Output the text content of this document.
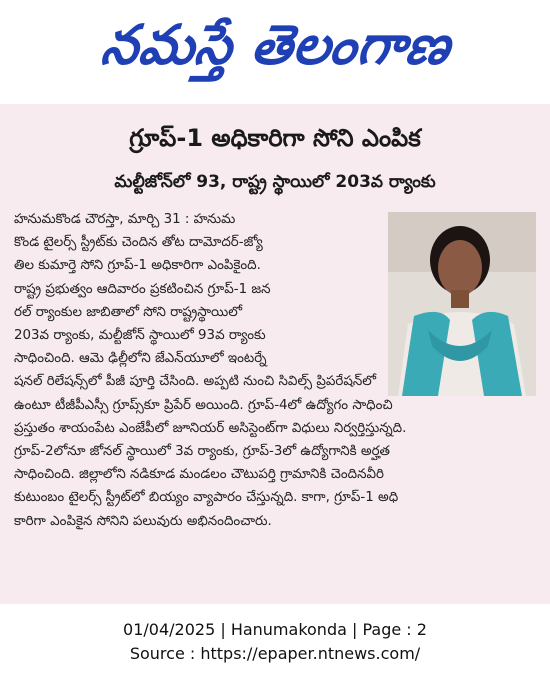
నమస్తే తెలంగాణ
గ్రూప్-1 అధికారిగా సోని ఎంపిక
మల్టీజోన్‌లో 93, రాష్ట్ర స్థాయిలో 203వ ర్యాంకు
హనుమకొండ చౌరస్తా, మార్చి 31 : హనుమ
కొండ టైలర్స్ స్ట్రీట్‌కు చెందిన తోట దామోదర్-జ్యో
తిల కుమార్తె సోని గ్రూప్-1 అధికారిగా ఎంపికైంది.
రాష్ట్ర ప్రభుత్వం ఆదివారం ప్రకటించిన గ్రూప్-1 జన
రల్ ర్యాంకుల జాబితాలో సోని రాష్ట్రస్థాయిలో
203వ ర్యాంకు, మల్టీజోన్ స్థాయిలో 93వ ర్యాంకు
సాధించింది. ఆమె ఢిల్లీలోని జేఎన్‌యూలో ఇంటర్నే
షనల్ రిలేషన్స్‌లో పీజీ పూర్తి చేసింది. అప్పటి నుంచి సివిల్స్ ప్రిపరేషన్‌లో
ఉంటూ టీజీపీఎస్సీ గ్రూప్స్‌కూ ప్రిపేర్ అయింది. గ్రూప్-4లో ఉద్యోగం సాధించి
ప్రస్తుతం శాయంపేట ఎంజేపీలో జూనియర్ అసిస్టెంట్‌గా విధులు నిర్వర్తిస్తున్నది.
గ్రూప్-2లోనూ జోనల్ స్థాయిలో 3వ ర్యాంకు, గ్రూప్-3లో ఉద్యోగానికి అర్హత
సాధించింది. జిల్లాలోని నడికూడ మండలం చౌటుపర్తి గ్రామానికి చెందినవీరి
కుటుంబం టైలర్స్ స్ట్రీట్‌లో బియ్యం వ్యాపారం చేస్తున్నది. కాగా, గ్రూప్-1 అధి
కారిగా ఎంపికైన సోనిని పలువురు అభినందించారు.
01/04/2025 | Hanumakonda | Page : 2
Source : https://epaper.ntnews.com/
